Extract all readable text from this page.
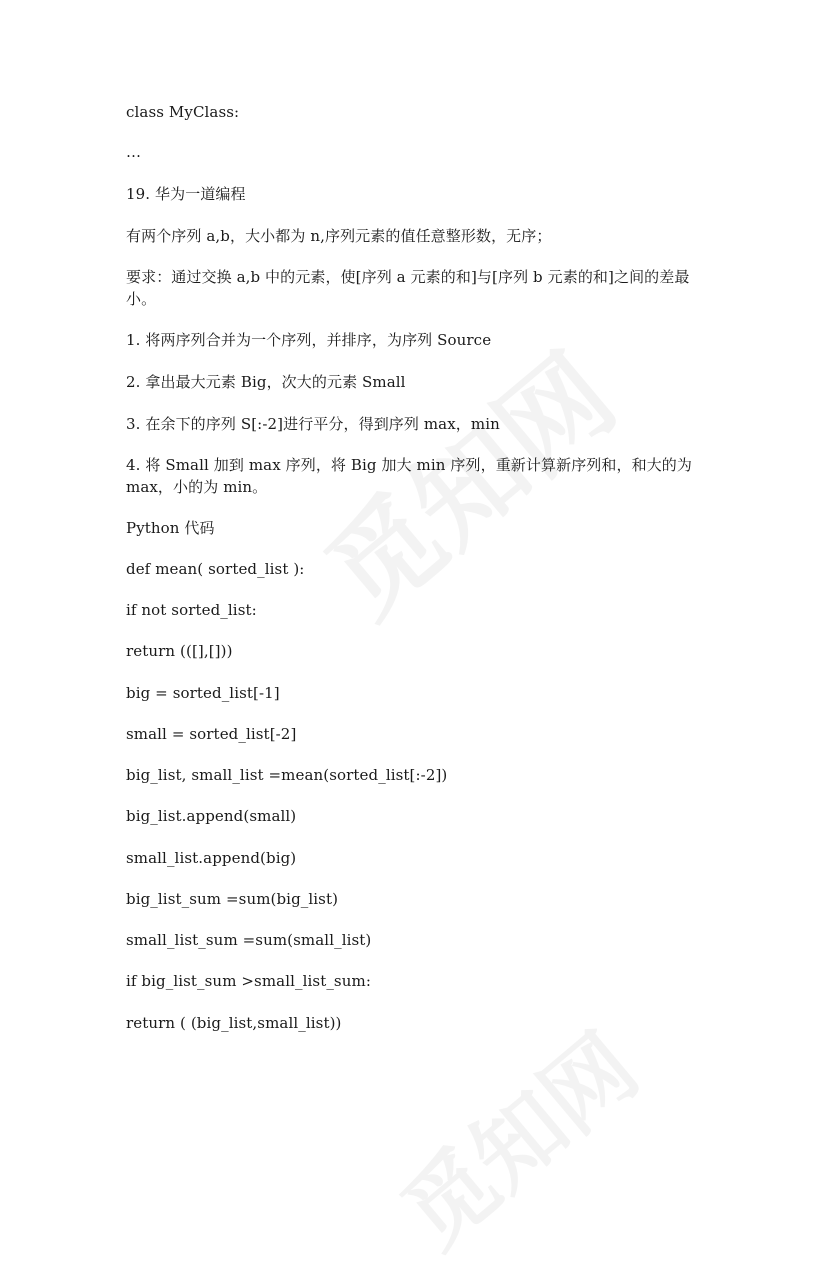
class MyClass:
…
19. 华为一道编程
有两个序列 a,b，大小都为 n,序列元素的值任意整形数，无序；
要求：通过交换 a,b 中的元素，使[序列 a 元素的和]与[序列 b 元素的和]之间的差最小。
1. 将两序列合并为一个序列，并排序，为序列 Source
2. 拿出最大元素 Big，次大的元素 Small
3. 在余下的序列 S[:-2]进行平分，得到序列 max，min
4. 将 Small 加到 max 序列，将 Big 加大 min 序列，重新计算新序列和，和大的为 max，小的为 min。
Python 代码
def mean( sorted_list ):
if not sorted_list:
return (([],[]))
big = sorted_list[-1]
small = sorted_list[-2]
big_list, small_list =mean(sorted_list[:-2])
big_list.append(small)
small_list.append(big)
big_list_sum =sum(big_list)
small_list_sum =sum(small_list)
if big_list_sum >small_list_sum:
return ( (big_list,small_list))
